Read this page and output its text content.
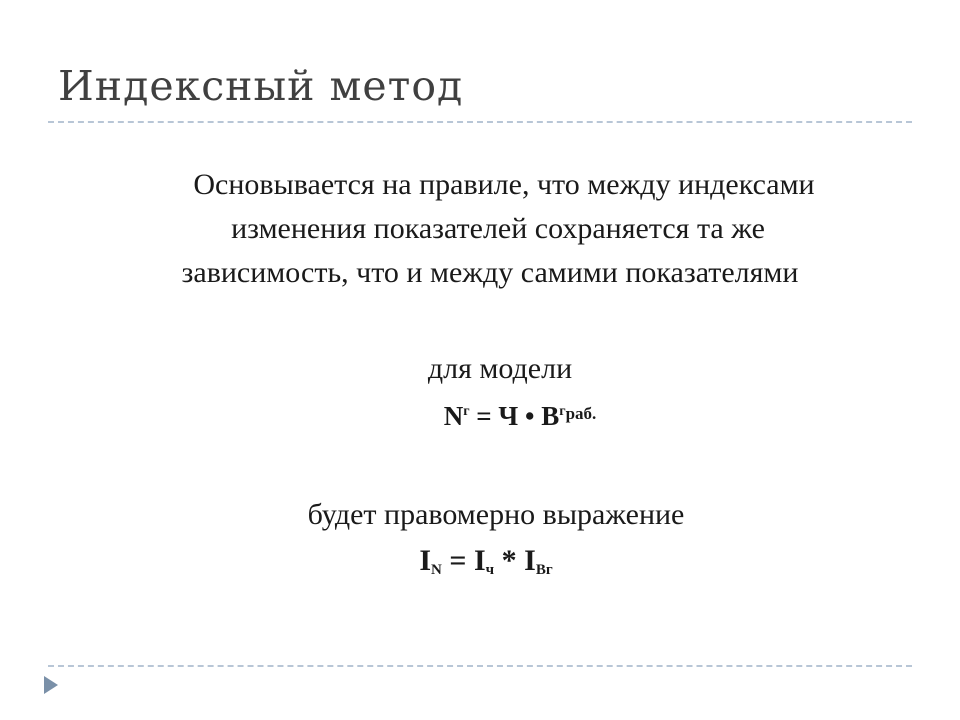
Индексный метод

Основывается на правиле, что между индексами
изменения показателей сохраняется та же
зависимость, что и между самими показателями

для модели

$N^г = Ч$ • $В^{граб.}$

будет правомерно выражение

$I_N = I_ч * I_{Вг}$
